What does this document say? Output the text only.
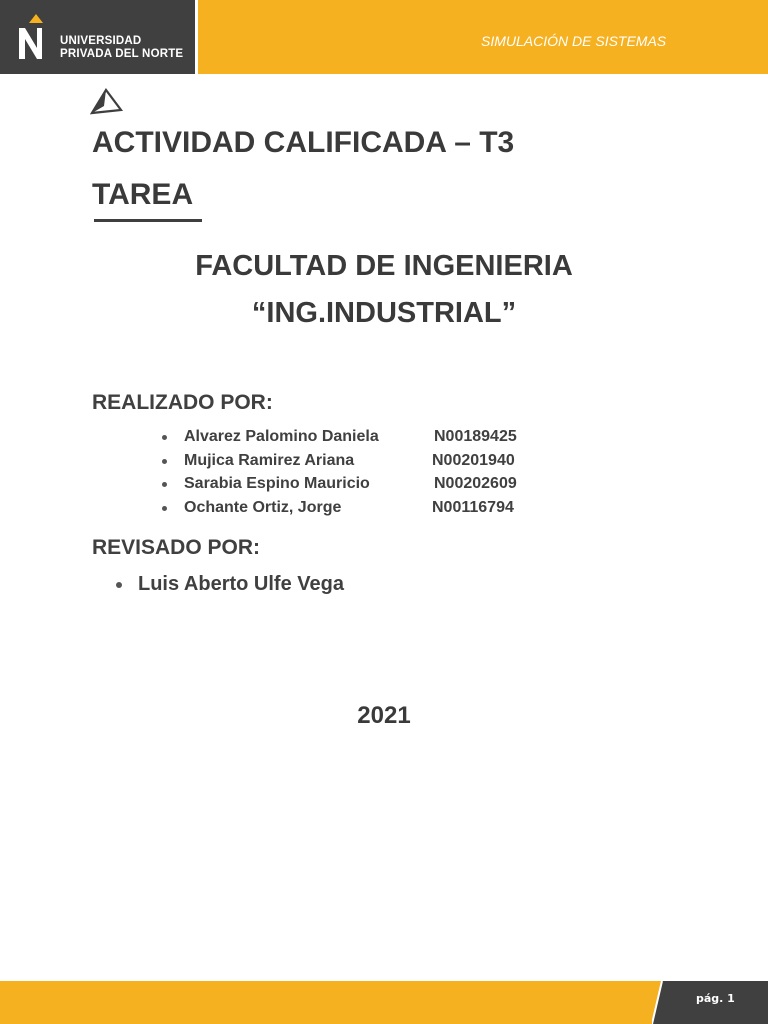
UNIVERSIDAD
PRIVADA DEL NORTE
SIMULACIÓN DE SISTEMAS
ACTIVIDAD CALIFICADA – T3
TAREA
FACULTAD DE INGENIERIA
“ING.INDUSTRIAL”
REALIZADO POR:
Alvarez Palomino Daniela	N00189425
Mujica Ramirez Ariana	N00201940
Sarabia Espino Mauricio	N00202609
Ochante Ortiz, Jorge	N00116794
REVISADO POR:
Luis Aberto Ulfe Vega
2021
pág. 1
